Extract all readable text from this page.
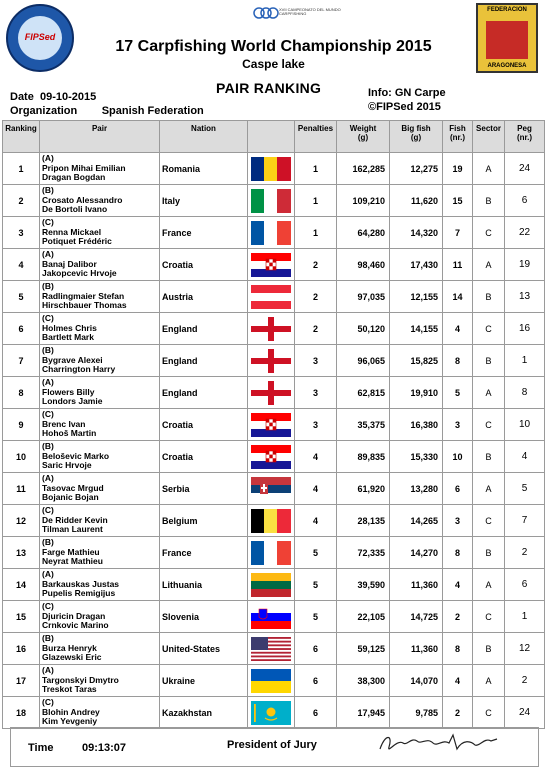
FIPSed
XVII CAMPEONATO DEL MUNDO CARPFISHING
FEDERACION
ARAGONESA
17 Carpfishing World Championship 2015
Caspe lake
PAIR RANKING
Date 09-10-2015
Organization Spanish Federation
Info: GN Carpe
©FIPSed 2015
Ranking	Pair	Nation		Penalties	Weight
(g)	Big fish
(g)	Fish
(nr.)	Sector	Peg
(nr.)
1	(A)
Pripon Mihai Emilian
Dragan Bogdan	Romania		1	162,285	12,275	19	A	24
2	(B)
Crosato Alessandro
De Bortoli Ivano	Italy		1	109,210	11,620	15	B	6
3	(C)
Renna Mickael
Potiquet Frédéric	France		1	64,280	14,320	7	C	22
4	(A)
Banaj Dalibor
Jakopcevic Hrvoje	Croatia		2	98,460	17,430	11	A	19
5	(B)
Radlingmaier Stefan
Hirschbauer Thomas	Austria		2	97,035	12,155	14	B	13
6	(C)
Holmes Chris
Bartlett Mark	England		2	50,120	14,155	4	C	16
7	(B)
Bygrave Alexei
Charrington Harry	England		3	96,065	15,825	8	B	1
8	(A)
Flowers Billy
Londors Jamie	England		3	62,815	19,910	5	A	8
9	(C)
Brenc Ivan
Hohoš Martin	Croatia		3	35,375	16,380	3	C	10
10	(B)
Beloševic Marko
Saric Hrvoje	Croatia		4	89,835	15,330	10	B	4
11	(A)
Tasovac Mrgud
Bojanic Bojan	Serbia		4	61,920	13,280	6	A	5
12	(C)
De Ridder Kevin
Tilman Laurent	Belgium		4	28,135	14,265	3	C	7
13	(B)
Farge Mathieu
Neyrat Mathieu	France		5	72,335	14,270	8	B	2
14	(A)
Barkauskas Justas
Pupelis Remigijus	Lithuania		5	39,590	11,360	4	A	6
15	(C)
Djuricin Dragan
Crnkovic Marino	Slovenia		5	22,105	14,725	2	C	1
16	(B)
Burza Henryk
Glazewski Eric	United-States		6	59,125	11,360	8	B	12
17	(A)
Targonskyi Dmytro
Treskot Taras	Ukraine		6	38,300	14,070	4	A	2
18	(C)
Blohin Andrey
Kim Yevgeniy	Kazakhstan		6	17,945	9,785	2	C	24
Time	09:13:07	President of Jury
